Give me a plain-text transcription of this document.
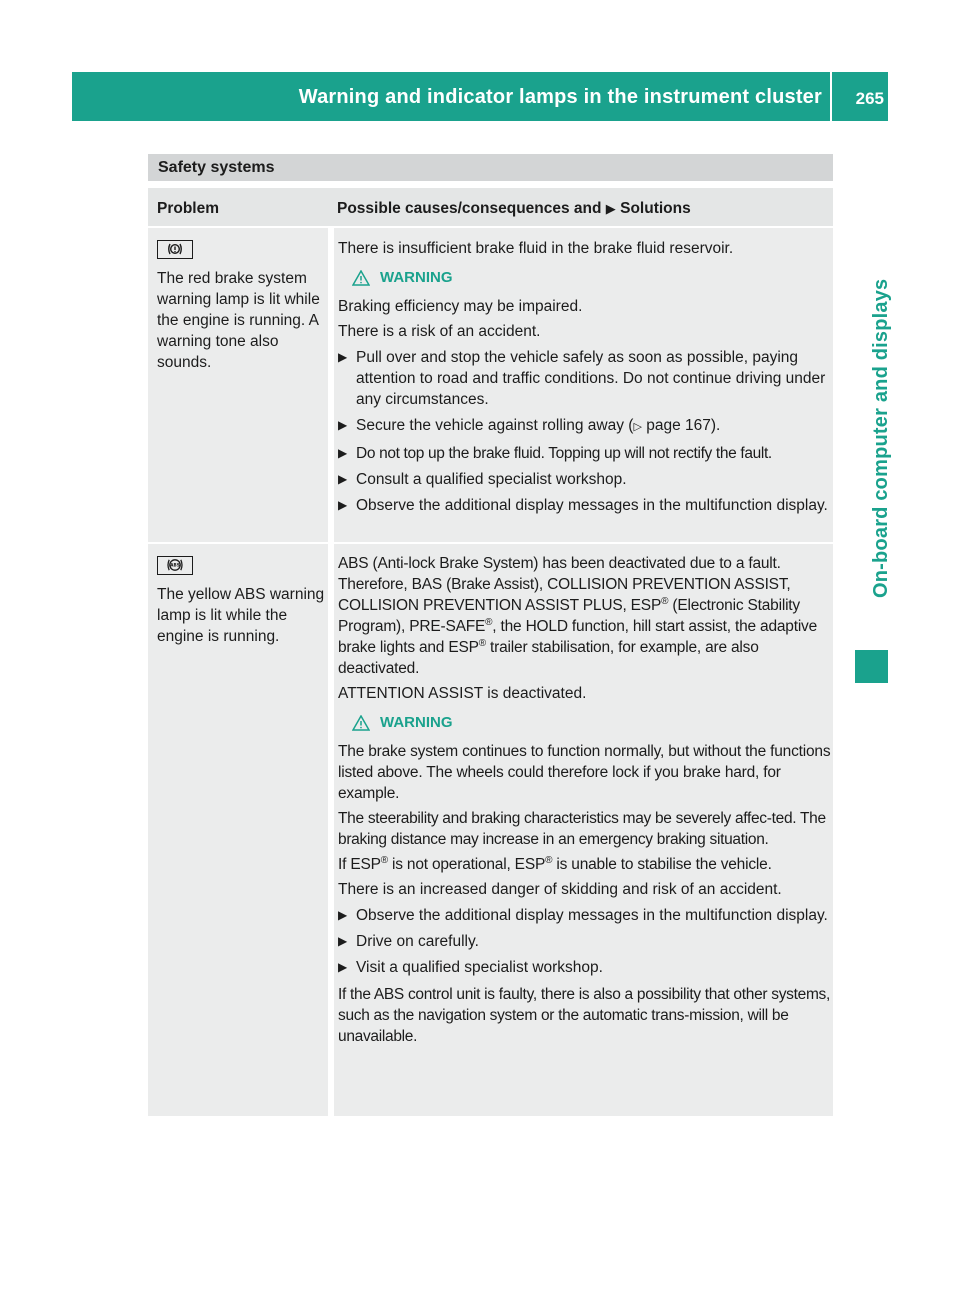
Warning and indicator lamps in the instrument cluster 265
On-board computer and displays
Safety systems
Problem	Possible causes/consequences and ▶ Solutions
The red brake system warning lamp is lit while the engine is running. A warning tone also sounds.

There is insufficient brake fluid in the brake fluid reservoir.

WARNING

Braking efficiency may be impaired.

There is a risk of an accident.

▶ Pull over and stop the vehicle safely as soon as possible, paying attention to road and traffic conditions. Do not continue driving under any circumstances.
▶ Secure the vehicle against rolling away (▷ page 167).
▶ Do not top up the brake fluid. Topping up will not rectify the fault.
▶ Consult a qualified specialist workshop.
▶ Observe the additional display messages in the multifunction display.
ABS
The yellow ABS warning lamp is lit while the engine is running.

ABS (Anti-lock Brake System) has been deactivated due to a fault. Therefore, BAS (Brake Assist), COLLISION PREVENTION ASSIST, COLLISION PREVENTION ASSIST PLUS, ESP® (Electronic Stability Program), PRE-SAFE®, the HOLD function, hill start assist, the adaptive brake lights and ESP® trailer stabilisation, for example, are also deactivated.

ATTENTION ASSIST is deactivated.

WARNING

The brake system continues to function normally, but without the functions listed above. The wheels could therefore lock if you brake hard, for example.

The steerability and braking characteristics may be severely affec-ted. The braking distance may increase in an emergency braking situation.

If ESP® is not operational, ESP® is unable to stabilise the vehicle.

There is an increased danger of skidding and risk of an accident.

▶ Observe the additional display messages in the multifunction display.
▶ Drive on carefully.
▶ Visit a qualified specialist workshop.

If the ABS control unit is faulty, there is also a possibility that other systems, such as the navigation system or the automatic trans-mission, will be unavailable.
